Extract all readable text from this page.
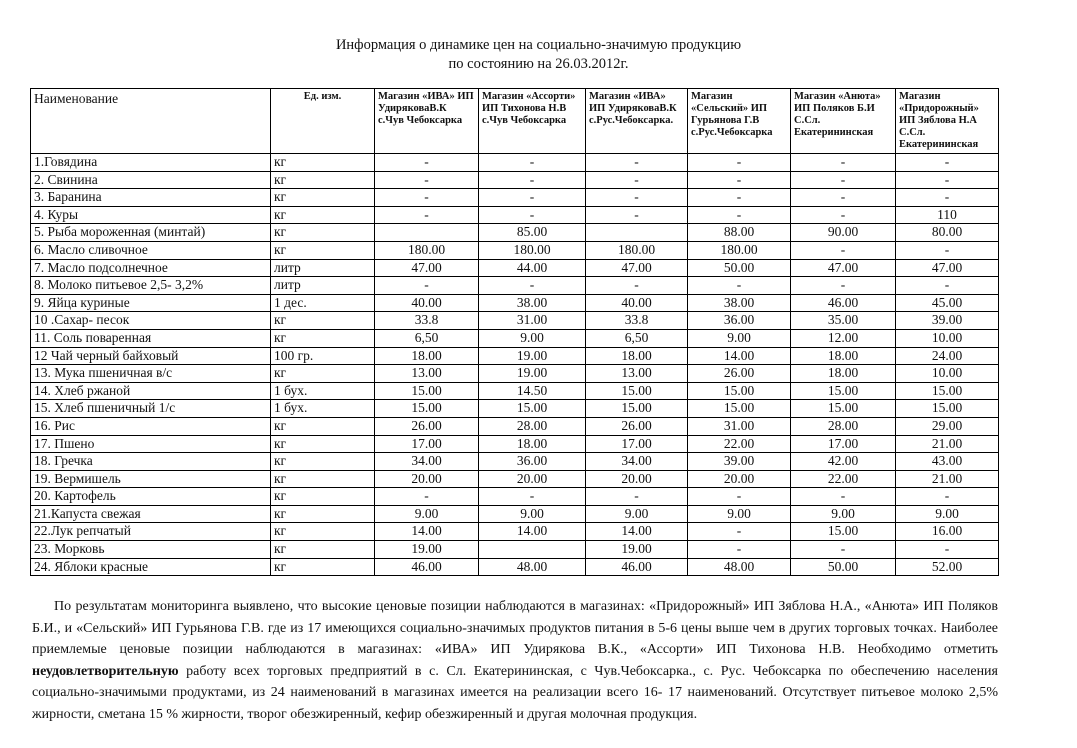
Информация о динамике цен на социально-значимую продукцию
по состоянию на 26.03.2012г.
Наименование	Ед. изм.	Магазин «ИВА» ИП УдиряковаВ.К с.Чув Чебоксарка	Магазин «Ассорти» ИП Тихонова Н.В с.Чув Чебоксарка	Магазин «ИВА» ИП УдиряковаВ.К с.Рус.Чебоксарка.	Магазин «Сельский» ИП Гурьянова Г.В с.Рус.Чебоксарка	Магазин «Анюта» ИП Поляков Б.И С.Сл. Екатерининская	Магазин «Придорожный» ИП Зяблова Н.А С.Сл. Екатерининская
1.Говядина	кг	-	-	-	-	-	-
2. Свинина	кг	-	-	-	-	-	-
3. Баранина	кг	-	-	-	-	-	-
4. Куры	кг	-	-	-	-	-	110
5. Рыба мороженная (минтай)	кг		85.00		88.00	90.00	80.00
6. Масло сливочное	кг	180.00	180.00	180.00	180.00	-	-
7. Масло подсолнечное	литр	47.00	44.00	47.00	50.00	47.00	47.00
8. Молоко питьевое 2,5- 3,2%	литр	-	-	-	-	-	-
9. Яйца куриные	1 дес.	40.00	38.00	40.00	38.00	46.00	45.00
10 .Сахар- песок	кг	33.8	31.00	33.8	36.00	35.00	39.00
11. Соль поваренная	кг	6,50	9.00	6,50	9.00	12.00	10.00
12 Чай черный байховый	100 гр.	18.00	19.00	18.00	14.00	18.00	24.00
13. Мука пшеничная в/с	кг	13.00	19.00	13.00	26.00	18.00	10.00
14. Хлеб ржаной	1 бух.	15.00	14.50	15.00	15.00	15.00	15.00
15. Хлеб пшеничный 1/с	1 бух.	15.00	15.00	15.00	15.00	15.00	15.00
16. Рис	кг	26.00	28.00	26.00	31.00	28.00	29.00
17. Пшено	кг	17.00	18.00	17.00	22.00	17.00	21.00
18. Гречка	кг	34.00	36.00	34.00	39.00	42.00	43.00
19. Вермишель	кг	20.00	20.00	20.00	20.00	22.00	21.00
20. Картофель	кг	-	-	-	-	-	-
21.Капуста свежая	кг	9.00	9.00	9.00	9.00	9.00	9.00
22.Лук репчатый	кг	14.00	14.00	14.00	-	15.00	16.00
23. Морковь	кг	19.00		19.00	-	-	-
24. Яблоки красные	кг	46.00	48.00	46.00	48.00	50.00	52.00
По результатам мониторинга выявлено, что высокие ценовые позиции наблюдаются в магазинах: «Придорожный» ИП Зяблова Н.А., «Анюта» ИП Поляков Б.И., и «Сельский» ИП Гурьянова Г.В. где из 17 имеющихся социально-значимых продуктов питания в 5-6 цены выше чем в других торговых точках. Наиболее приемлемые ценовые позиции наблюдаются в магазинах: «ИВА» ИП Удирякова В.К., «Ассорти» ИП Тихонова Н.В. Необходимо отметить неудовлетворительную работу всех торговых предприятий в с. Сл. Екатерининская, с Чув.Чебоксарка., с. Рус. Чебоксарка по обеспечению населения социально-значимыми продуктами, из 24 наименований в магазинах имеется на реализации всего 16- 17 наименований. Отсутствует питьевое молоко 2,5% жирности, сметана 15 % жирности, творог обезжиренный, кефир обезжиренный и другая молочная продукция.
